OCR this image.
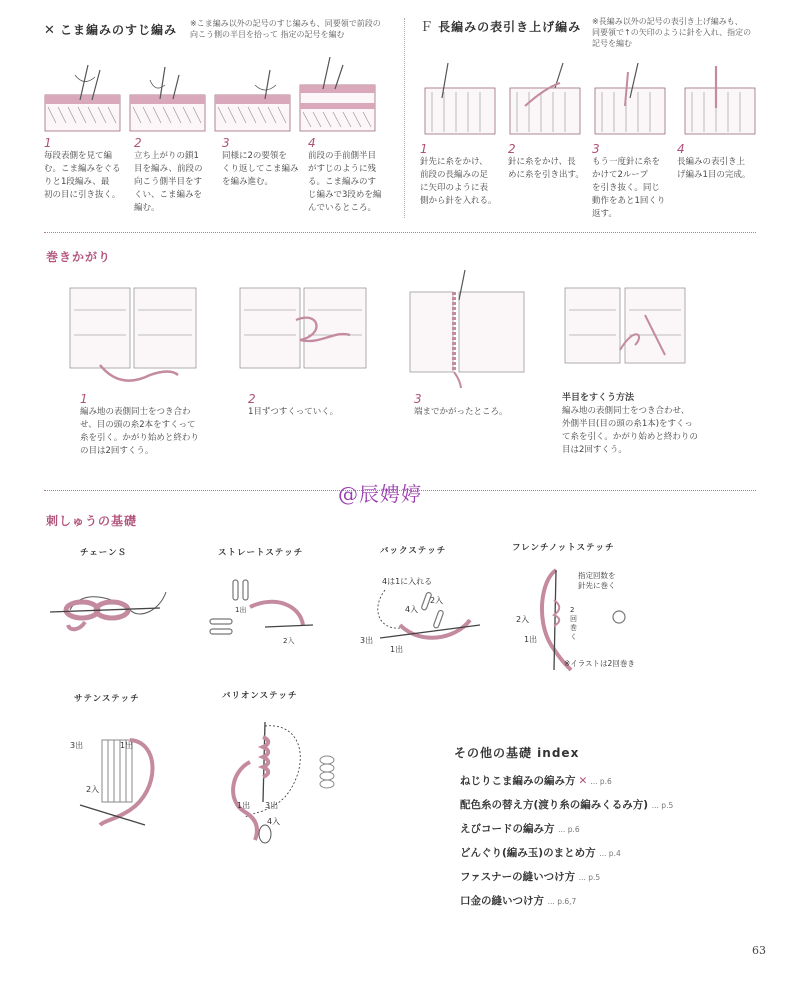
✕ こま編みのすじ編み ※こま編み以外の記号のすじ編みも、同要領で前段の
向こう側の半目を拾って 指定の記号を編む
1
毎段表側を見て編
む。こま編みをぐる
りと1段編み、最
初の目に引き抜く。
2
立ち上がりの鎖1
目を編み、前段の
向こう側半目をす
くい、こま編みを
編む。
3
同様に2の要領を
くり返してこま編み
を編み進む。
4
前段の手前側半目
がすじのように残
る。こま編みのす
じ編みで3段めを編
んでいるところ。
Ｆ 長編みの表引き上げ編み ※長編み以外の記号の表引き上げ編みも、
同要領で↑の矢印のように針を入れ、指定の
記号を編む
1
針先に糸をかけ、
前段の長編みの足
に矢印のように表
側から針を入れる。
2
針に糸をかけ、長
めに糸を引き出す。
3
もう一度針に糸を
かけて2ループ
を引き抜く。同じ
動作をあと1回くり
返す。
4
長編みの表引き上
げ編み1目の完成。
巻きかがり
1
編み地の表側同士をつき合わ
せ、目の頭の糸2本をすくって
糸を引く。かがり始めと終わり
の目は2回すくう。
2
1目ずつすくっていく。
3
端までかがったところ。
半目をすくう方法
編み地の表側同士をつき合わせ、
外側半目(目の頭の糸1本)をすくっ
て糸を引く。かがり始めと終わりの
目は2回すくう。
@辰娉婷
刺しゅうの基礎
チェーンＳ	ストレートステッチ	バックステッチ	フレンチノットステッチ
1出
2入
4は1に入れる
4入
2入
3出
1出
指定回数を
針先に巻く
2入
1出
2
回
巻
く
※イラストは2回巻き
サテンステッチ	バリオンステッチ
3出	1出
2入
1出 3出
4入
その他の基礎 index
ねじりこま編みの編み方 ✕ ... p.6
配色糸の替え方(渡り糸の編みくるみ方) ... p.5
えびコードの編み方 ... p.6
どんぐり(編み玉)のまとめ方 ... p.4
ファスナーの縫いつけ方 ... p.5
口金の縫いつけ方 ... p.6,7
63
